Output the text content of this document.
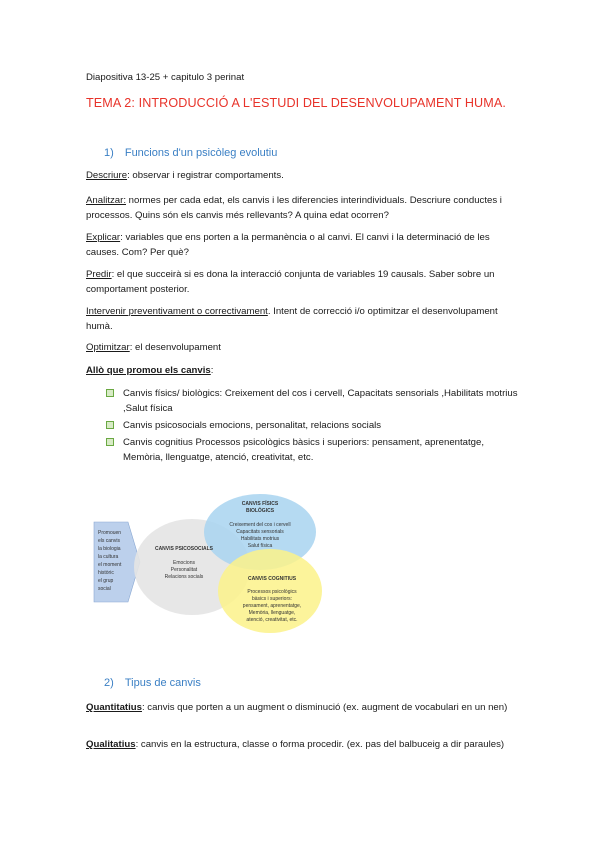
Diapositiva 13-25 + capitulo 3 perinat
TEMA 2: INTRODUCCIÓ A L'ESTUDI DEL DESENVOLUPAMENT HUMA.
1) Funcions d'un psicòleg evolutiu
Descriure: observar i registrar comportaments.
Analitzar: normes per cada edat, els canvis i les diferencies interindividuals. Descriure conductes i processos. Quins són els canvis més rellevants? A quina edat ocorren?
Explicar: variables que ens porten a la permanència o al canvi. El canvi i la determinació de les causes. Com? Per què?
Predir: el que succeirà si es dona la interacció conjunta de variables 19 causals. Saber sobre un comportament posterior.
Intervenir preventivament o correctivament. Intent de correcció i/o optimitzar el desenvolupament humà.
Optimitzar: el desenvolupament
Allò que promou els canvis:
Canvis físics/ biològics: Creixement del cos i cervell, Capacitats sensorials ,Habilitats motrius ,Salut física
Canvis psicosocials emocions, personalitat, relacions socials
Canvis cognitius Processos psicològics bàsics i superiors: pensament, aprenentatge, Memòria, llenguatge, atenció, creativitat, etc.
Promouen
els canvis
la biologia
la cultura
el moment
històric
el grup
social
CANVIS FÍSICS
BIOLÒGICS
Creixement del cos i cervell
Capacitats sensorials
Habilitats motrius
Salut física
CANVIS PSICOSOCIALS
Emocions
Personalitat
Relacions socials	CANVIS COGNITIUS
Processos psicològics
bàsics i superiors:
pensament, aprenentatge,
Memòria, llenguatge,
atenció, creativitat, etc.
2) Tipus de canvis
Quantitatius: canvis que porten a un augment o disminució (ex. augment de vocabulari en un nen)
Qualitatius: canvis en la estructura, classe o forma procedir. (ex. pas del balbuceig a dir paraules)
